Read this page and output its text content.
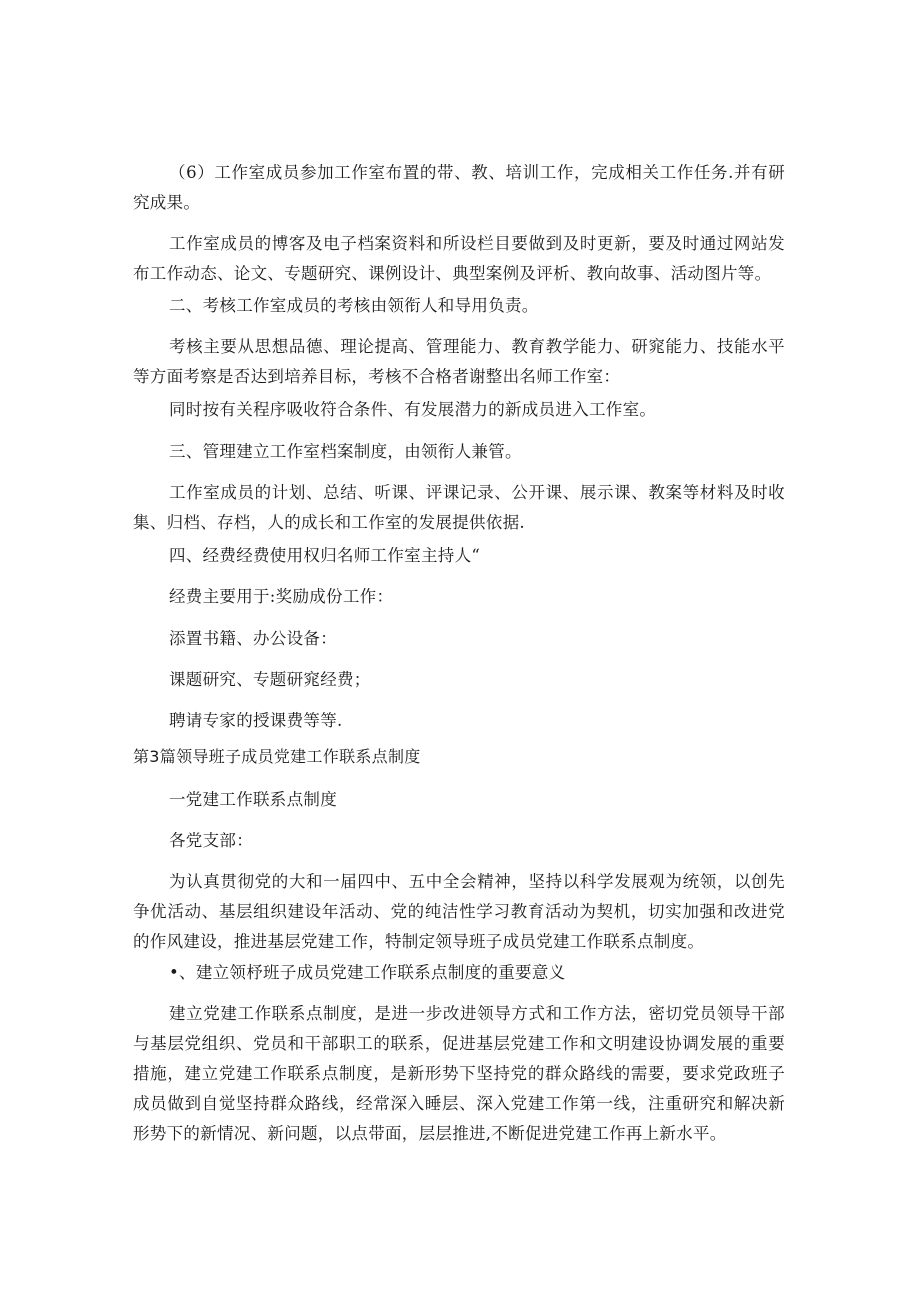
（6）工作室成员参加工作室布置的带、教、培训工作，完成相关工作任务.并有研究成果。

工作室成员的博客及电子档案资料和所设栏目要做到及时更新，要及时通过网站发布工作动态、论文、专题研究、课例设计、典型案例及评析、教向故事、活动图片等。

二、考核工作室成员的考核由领衔人和导用负责。

考核主要从思想品德、理论提高、管理能力、教育教学能力、研窕能力、技能水平等方面考察是否达到培养目标，考核不合格者谢整出名师工作室：

同时按有关程序吸收符合条件、有发展潜力的新成员进入工作室。

三、管理建立工作室档案制度，由领衔人兼管。

工作室成员的计划、总结、听课、评课记录、公开课、展示课、教案等材料及时收集、归档、存档，人的成长和工作室的发展提供依据.

四、经费经费使用权归名师工作室主持人“

经费主要用于:奖励成份工作：

添置书籍、办公设备：

课题研究、专题研窕经费；

聘请专家的授课费等等.

第3篇领导班子成员党建工作联系点制度

一党建工作联系点制度

各党支部：

为认真贯彻党的大和一届四中、五中全会精神，坚持以科学发展观为统领，以创先争优活动、基层组织建设年活动、党的纯洁性学习教育活动为契机，切实加强和改进党的作风建设，推进基层党建工作，特制定领导班子成员党建工作联系点制度。

•、建立领杼班子成员党建工作联系点制度的重要意义

建立党建工作联系点制度，是进一步改进领导方式和工作方法，密切党员领导干部与基层党组织、党员和干部职工的联系，促进基层党建工作和文明建设协调发展的重要措施，建立党建工作联系点制度，是新形势下坚持党的群众路线的需要，要求党政班子成员做到自觉坚持群众路线，经常深入睡层、深入党建工作第一线，注重研究和解决新形势下的新情况、新问题，以点带面，层层推进,不断促进党建工作再上新水平。
